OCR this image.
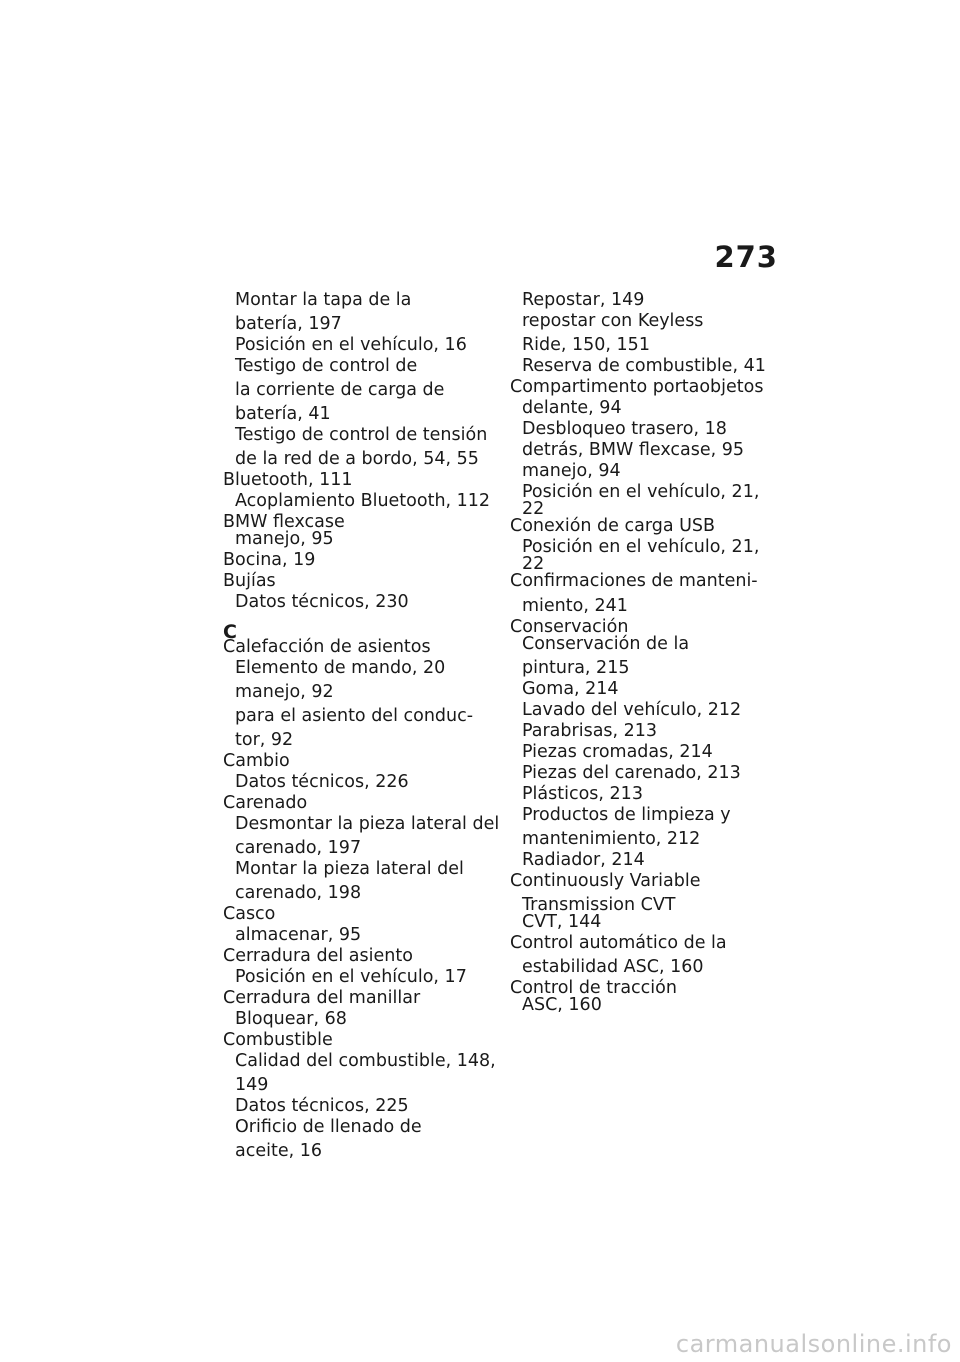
273
Montar la tapa de la
batería, 197
Posición en el vehículo, 16
Testigo de control de
la corriente de carga de
batería, 41
Testigo de control de tensión
de la red de a bordo, 54, 55
Bluetooth, 111
Acoplamiento Bluetooth, 112
BMW flexcase
manejo, 95
Bocina, 19
Bujías
Datos técnicos, 230
C
Calefacción de asientos
Elemento de mando, 20
manejo, 92
para el asiento del conduc-
tor, 92
Cambio
Datos técnicos, 226
Carenado
Desmontar la pieza lateral del
carenado, 197
Montar la pieza lateral del
carenado, 198
Casco
almacenar, 95
Cerradura del asiento
Posición en el vehículo, 17
Cerradura del manillar
Bloquear, 68
Combustible
Calidad del combustible, 148,
149
Datos técnicos, 225
Orificio de llenado de
aceite, 16
Repostar, 149
repostar con Keyless
Ride, 150, 151
Reserva de combustible, 41
Compartimento portaobjetos
delante, 94
Desbloqueo trasero, 18
detrás, BMW flexcase, 95
manejo, 94
Posición en el vehículo, 21,
22
Conexión de carga USB
Posición en el vehículo, 21,
22
Confirmaciones de manteni-
miento, 241
Conservación
Conservación de la
pintura, 215
Goma, 214
Lavado del vehículo, 212
Parabrisas, 213
Piezas cromadas, 214
Piezas del carenado, 213
Plásticos, 213
Productos de limpieza y
mantenimiento, 212
Radiador, 214
Continuously Variable
Transmission CVT
CVT, 144
Control automático de la
estabilidad ASC, 160
Control de tracción
ASC, 160
carmanualsonline.info
